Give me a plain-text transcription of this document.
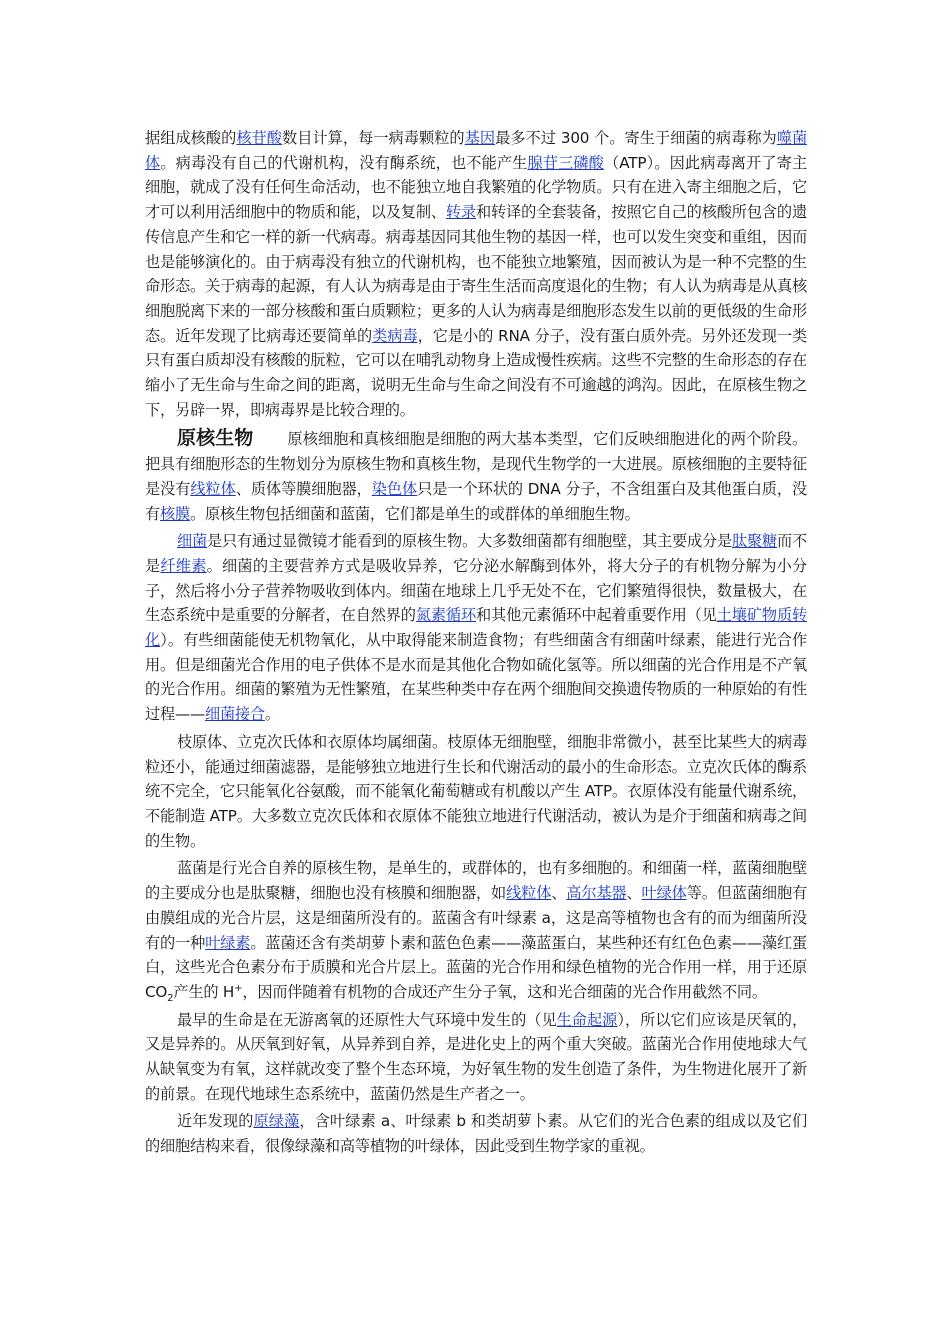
据组成核酸的核苷酸数目计算，每一病毒颗粒的基因最多不过 300 个。寄生于细菌的病毒称为噬菌体。病毒没有自己的代谢机构，没有酶系统，也不能产生腺苷三磷酸（ATP）。因此病毒离开了寄主细胞，就成了没有任何生命活动，也不能独立地自我繁殖的化学物质。只有在进入寄主细胞之后，它才可以利用活细胞中的物质和能，以及复制、转录和转译的全套装备，按照它自己的核酸所包含的遗传信息产生和它一样的新一代病毒。病毒基因同其他生物的基因一样，也可以发生突变和重组，因而也是能够演化的。由于病毒没有独立的代谢机构，也不能独立地繁殖，因而被认为是一种不完整的生命形态。关于病毒的起源，有人认为病毒是由于寄生生活而高度退化的生物；有人认为病毒是从真核细胞脱离下来的一部分核酸和蛋白质颗粒；更多的人认为病毒是细胞形态发生以前的更低级的生命形态。近年发现了比病毒还要简单的类病毒，它是小的 RNA 分子，没有蛋白质外壳。另外还发现一类只有蛋白质却没有核酸的朊粒，它可以在哺乳动物身上造成慢性疾病。这些不完整的生命形态的存在缩小了无生命与生命之间的距离，说明无生命与生命之间没有不可逾越的鸿沟。因此，在原核生物之下，另辟一界，即病毒界是比较合理的。

原核生物 原核细胞和真核细胞是细胞的两大基本类型，它们反映细胞进化的两个阶段。把具有细胞形态的生物划分为原核生物和真核生物，是现代生物学的一大进展。原核细胞的主要特征是没有线粒体、质体等膜细胞器，染色体只是一个环状的 DNA 分子，不含组蛋白及其他蛋白质，没有核膜。原核生物包括细菌和蓝菌，它们都是单生的或群体的单细胞生物。

细菌是只有通过显微镜才能看到的原核生物。大多数细菌都有细胞壁，其主要成分是肽聚糖而不是纤维素。细菌的主要营养方式是吸收异养，它分泌水解酶到体外，将大分子的有机物分解为小分子，然后将小分子营养物吸收到体内。细菌在地球上几乎无处不在，它们繁殖得很快，数量极大，在生态系统中是重要的分解者，在自然界的氮素循环和其他元素循环中起着重要作用（见土壤矿物质转化）。有些细菌能使无机物氧化，从中取得能来制造食物；有些细菌含有细菌叶绿素，能进行光合作用。但是细菌光合作用的电子供体不是水而是其他化合物如硫化氢等。所以细菌的光合作用是不产氧的光合作用。细菌的繁殖为无性繁殖，在某些种类中存在两个细胞间交换遗传物质的一种原始的有性过程——细菌接合。

枝原体、立克次氏体和衣原体均属细菌。枝原体无细胞壁，细胞非常微小，甚至比某些大的病毒粒还小，能通过细菌滤器，是能够独立地进行生长和代谢活动的最小的生命形态。立克次氏体的酶系统不完全，它只能氧化谷氨酸，而不能氧化葡萄糖或有机酸以产生 ATP。衣原体没有能量代谢系统，不能制造 ATP。大多数立克次氏体和衣原体不能独立地进行代谢活动，被认为是介于细菌和病毒之间的生物。

蓝菌是行光合自养的原核生物，是单生的，或群体的，也有多细胞的。和细菌一样，蓝菌细胞壁的主要成分也是肽聚糖，细胞也没有核膜和细胞器，如线粒体、高尔基器、叶绿体等。但蓝菌细胞有由膜组成的光合片层，这是细菌所没有的。蓝菌含有叶绿素 a，这是高等植物也含有的而为细菌所没有的一种叶绿素。蓝菌还含有类胡萝卜素和蓝色色素——藻蓝蛋白，某些种还有红色色素——藻红蛋白，这些光合色素分布于质膜和光合片层上。蓝菌的光合作用和绿色植物的光合作用一样，用于还原 $CO_2$产生的 H+，因而伴随着有机物的合成还产生分子氧，这和光合细菌的光合作用截然不同。

最早的生命是在无游离氧的还原性大气环境中发生的（见生命起源），所以它们应该是厌氧的，又是异养的。从厌氧到好氧，从异养到自养，是进化史上的两个重大突破。蓝菌光合作用使地球大气从缺氧变为有氧，这样就改变了整个生态环境，为好氧生物的发生创造了条件，为生物进化展开了新的前景。在现代地球生态系统中，蓝菌仍然是生产者之一。

近年发现的原绿藻，含叶绿素 a、叶绿素 b 和类胡萝卜素。从它们的光合色素的组成以及它们的细胞结构来看，很像绿藻和高等植物的叶绿体，因此受到生物学家的重视。
